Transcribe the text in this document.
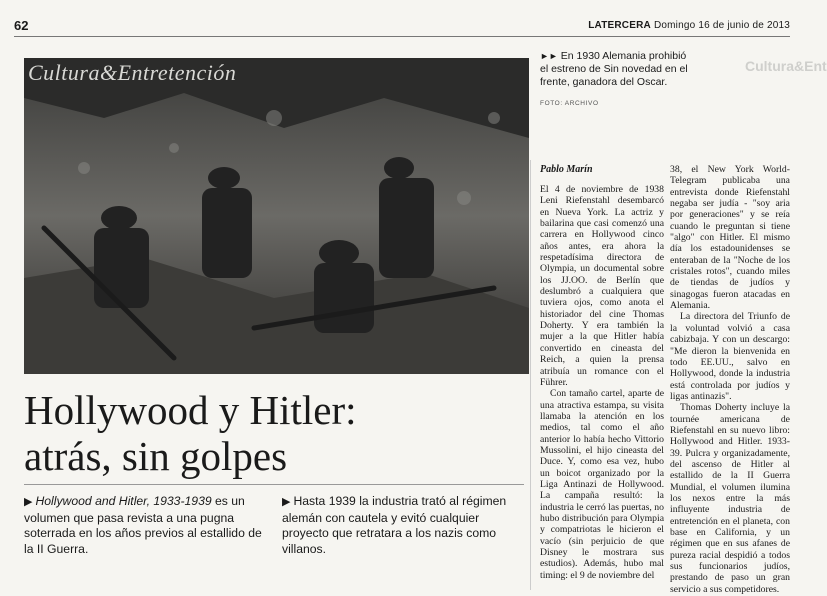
62	LATERCERA Domingo 16 de junio de 2013
Cultura&Entretención
►► En 1930 Alemania prohibió el estreno de Sin novedad en el frente, ganadora del Oscar.
FOTO: ARCHIVO
Cultura&Ent
Hollywood y Hitler:
atrás, sin golpes
▶ Hollywood and Hitler, 1933-1939 es un volumen que pasa revista a una pugna soterrada en los años previos al estallido de la II Guerra.
▶ Hasta 1939 la industria trató al régimen alemán con cautela y evitó cualquier proyecto que retratara a los nazis como villanos.
Pablo Marín

El 4 de noviembre de 1938 Leni Riefenstahl desembarcó en Nueva York. La actriz y bailarina que casi comenzó una carrera en Hollywood cinco años antes, era ahora la respetadísima directora de Olympia, un documental sobre los JJ.OO. de Berlín que deslumbró a cualquiera que tuviera ojos, como anota el historiador del cine Thomas Doherty. Y era también la mujer a la que Hitler había convertido en cineasta del Reich, a quien la prensa atribuía un romance con el Führer.

Con tamaño cartel, aparte de una atractiva estampa, su visita llamaba la atención en los medios, tal como el año anterior lo había hecho Vittorio Mussolini, el hijo cineasta del Duce. Y, como esa vez, hubo un boicot organizado por la Liga Antinazi de Hollywood. La campaña resultó: la industria le cerró las puertas, no hubo distribución para Olympia y compatriotas le hicieron el vacío (sin perjuicio de que Disney le mostrara sus estudios). Además, hubo mal timing: el 9 de noviembre del

38, el New York World-Telegram publicaba una entrevista donde Riefenstahl negaba ser judía - "soy aria por generaciones" y se reía cuando le preguntan si tiene "algo" con Hitler. El mismo día los estadounidenses se enteraban de la "Noche de los cristales rotos", cuando miles de tiendas de judíos y sinagogas fueron atacadas en Alemania.

La directora del Triunfo de la voluntad volvió a casa cabizbaja. Y con un descargo: "Me dieron la bienvenida en todo EE.UU., salvo en Hollywood, donde la industria está controlada por judíos y ligas antinazis".

Thomas Doherty incluye la tournée americana de Riefenstahl en su nuevo libro: Hollywood and Hitler. 1933-39. Pulcra y organizadamente, del ascenso de Hitler al estallido de la II Guerra Mundial, el volumen ilumina los nexos entre la más influyente industria de entretención en el planeta, con base en California, y un régimen que en sus afanes de pureza racial despidió a todos sus funcionarios judíos, prestando de paso un gran servicio a sus competidores.
